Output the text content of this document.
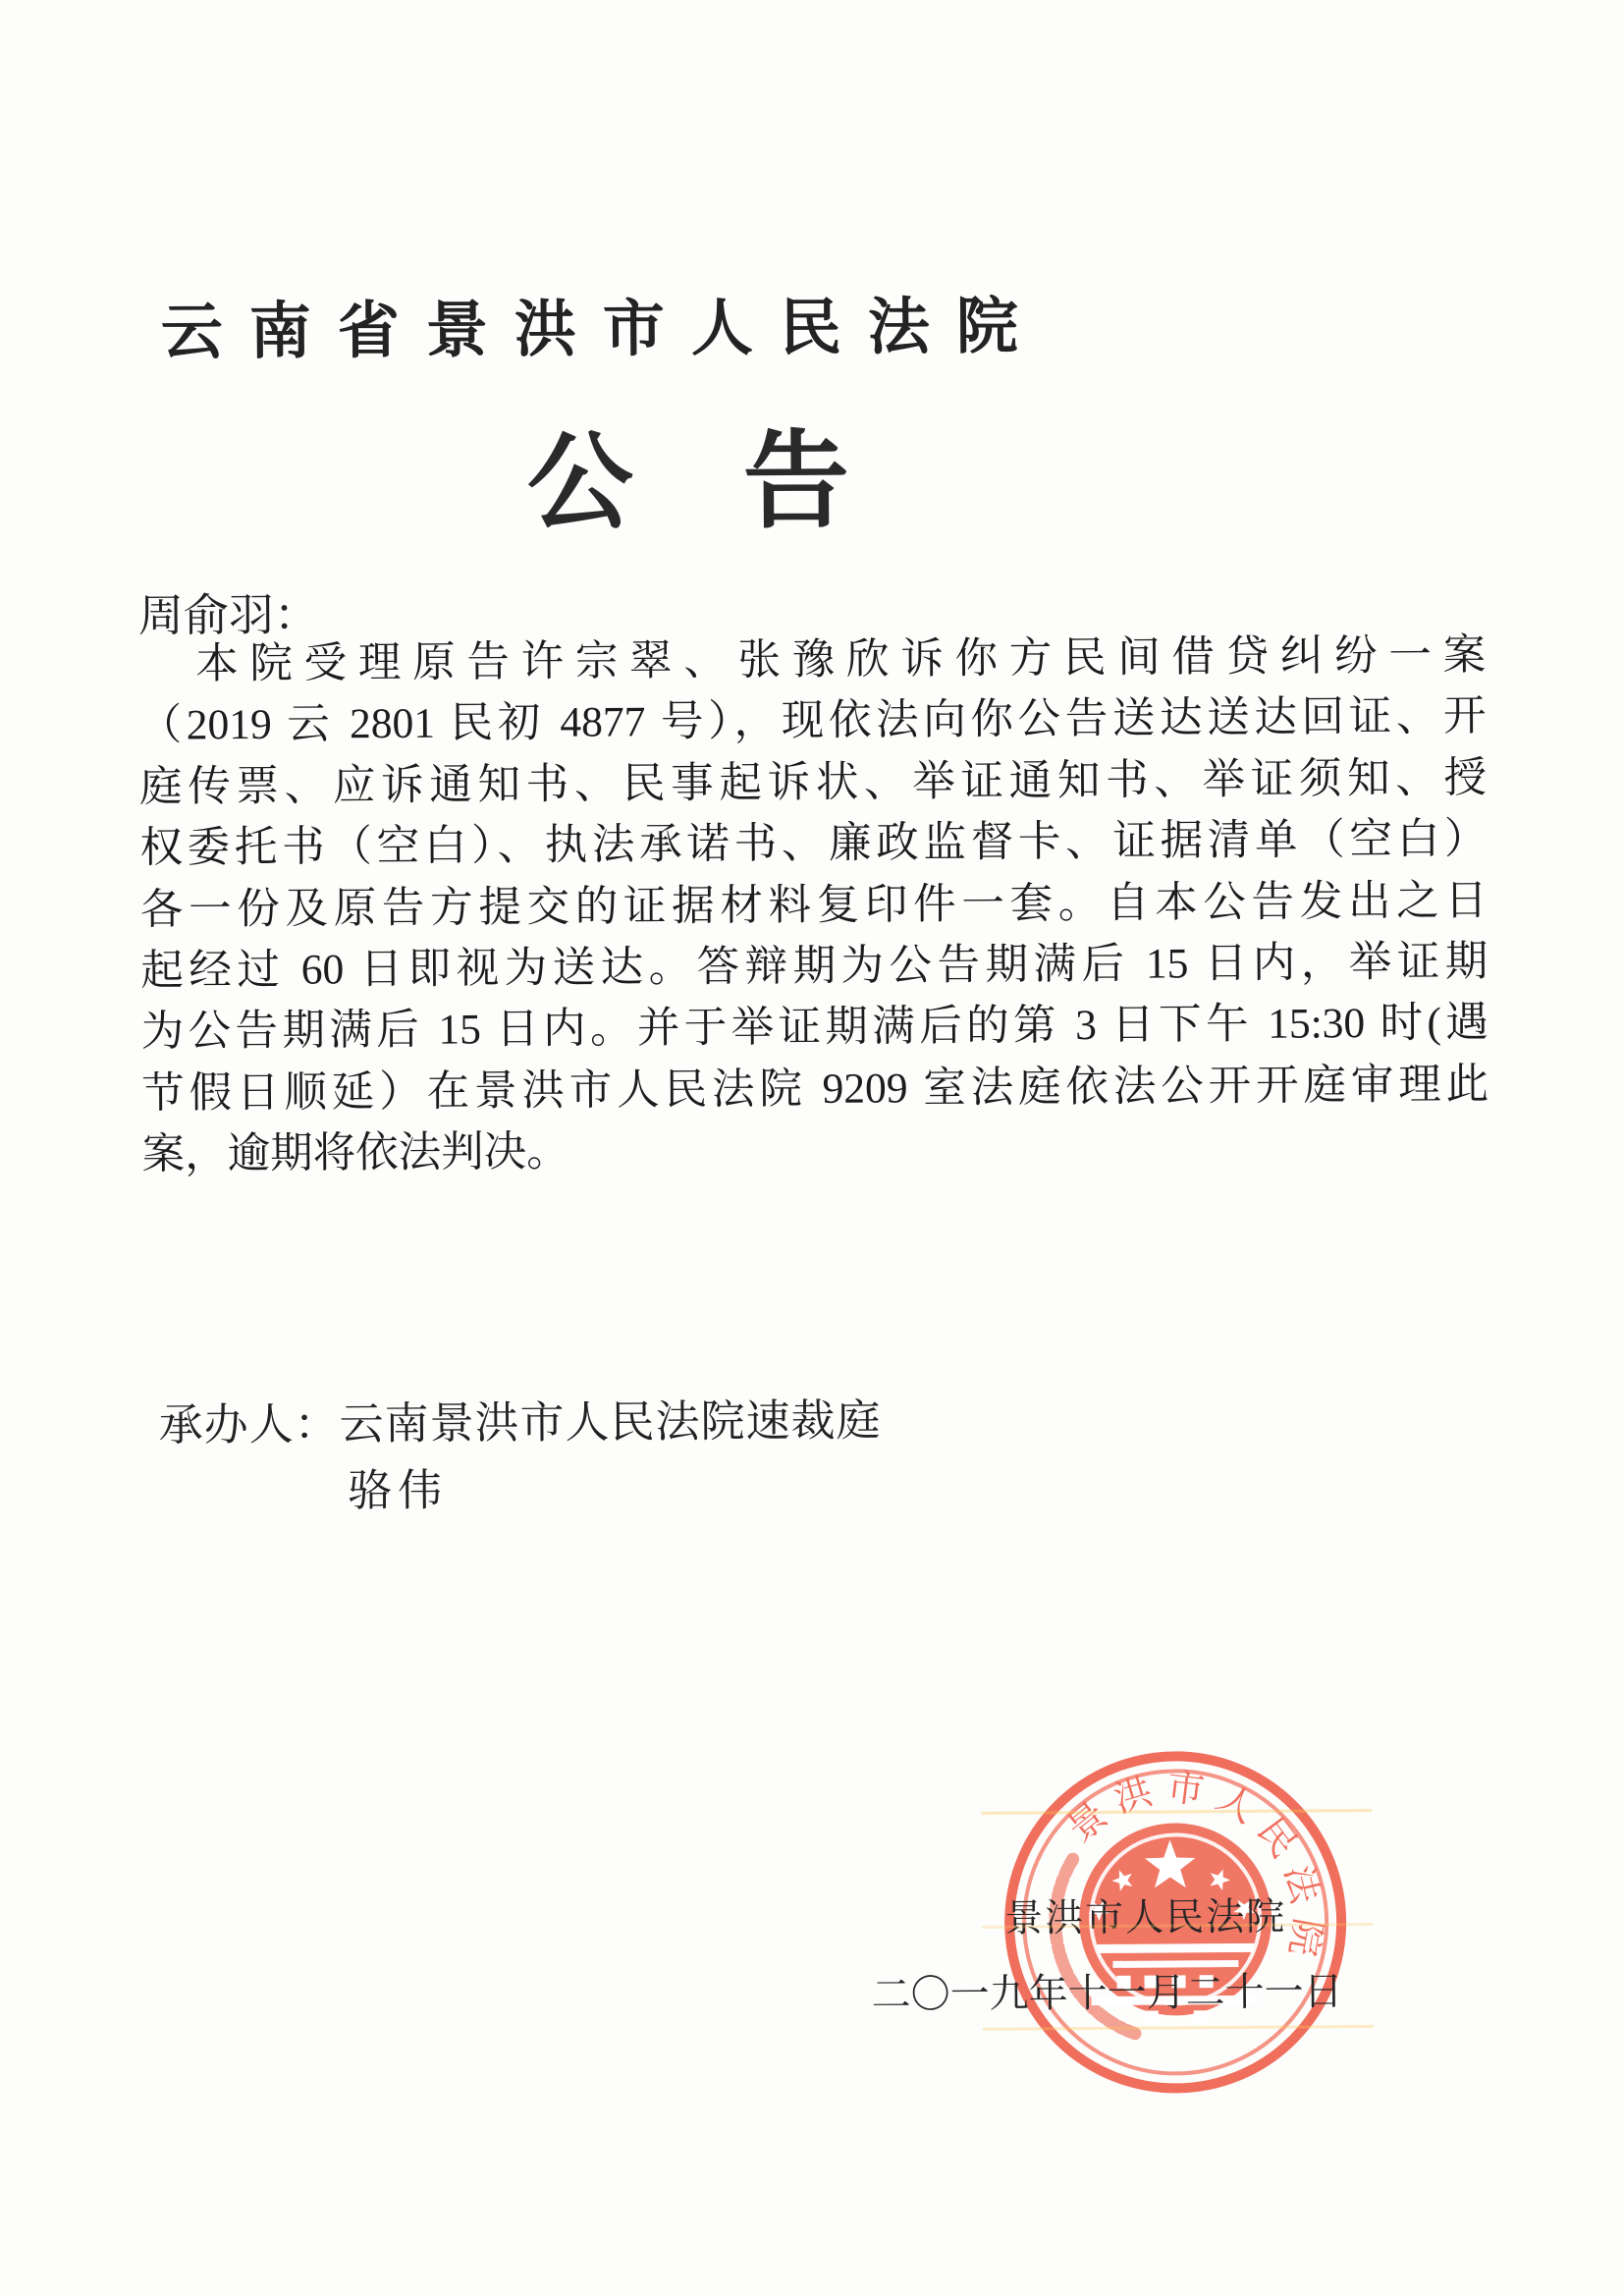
云南省景洪市人民法院
公告
周俞羽：
本院受理原告许宗翠、张豫欣诉你方民间借贷纠纷一案
（2019 云 2801 民初 4877 号），现依法向你公告送达送达回证、开
庭传票、应诉通知书、民事起诉状、举证通知书、举证须知、授
权委托书（空白）、执法承诺书、廉政监督卡、证据清单（空白）
各一份及原告方提交的证据材料复印件一套。自本公告发出之日
起经过 60 日即视为送达。答辩期为公告期满后 15 日内，举证期
为公告期满后 15 日内。并于举证期满后的第 3 日下午 15:30 时(遇
节假日顺延）在景洪市人民法院 9209 室法庭依法公开开庭审理此
案，逾期将依法判决。
承办人：云南景洪市人民法院速裁庭
骆伟
景洪市人民法院
景洪市人民法院
二〇一九年十一月二十一日
